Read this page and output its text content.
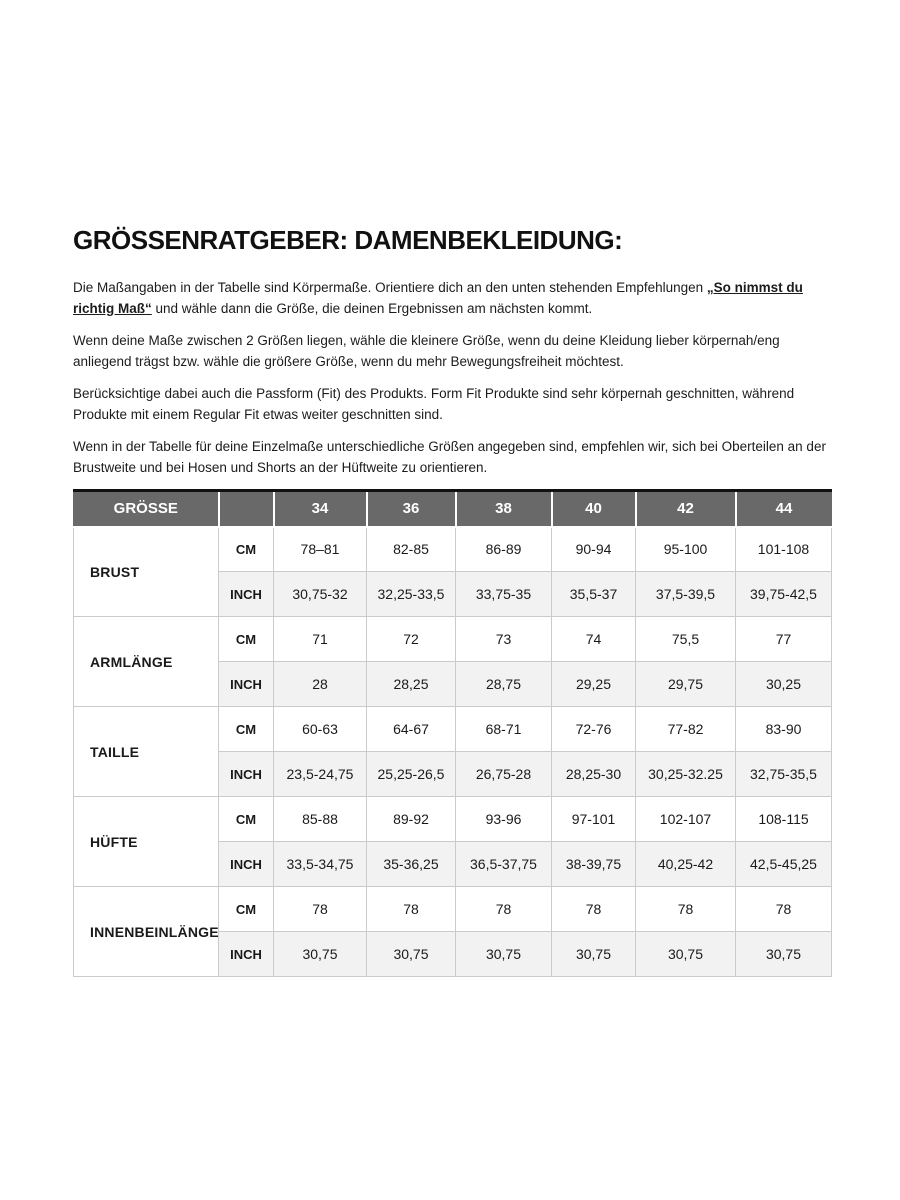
GRÖSSENRATGEBER: DAMENBEKLEIDUNG:

Die Maßangaben in der Tabelle sind Körpermaße. Orientiere dich an den unten stehenden Empfehlungen „So nimmst du richtig Maß“ und wähle dann die Größe, die deinen Ergebnissen am nächsten kommt.

Wenn deine Maße zwischen 2 Größen liegen, wähle die kleinere Größe, wenn du deine Kleidung lieber körpernah/eng anliegend trägst bzw. wähle die größere Größe, wenn du mehr Bewegungsfreiheit möchtest.

Berücksichtige dabei auch die Passform (Fit) des Produkts. Form Fit Produkte sind sehr körpernah geschnitten, während Produkte mit einem Regular Fit etwas weiter geschnitten sind.

Wenn in der Tabelle für deine Einzelmaße unterschiedliche Größen angegeben sind, empfehlen wir, sich bei Oberteilen an der Brustweite und bei Hosen und Shorts an der Hüftweite zu orientieren.

GRÖSSE		34	36	38	40	42	44
BRUST	CM	78–81	82-85	86-89	90-94	95-100	101-108
	INCH	30,75-32	32,25-33,5	33,75-35	35,5-37	37,5-39,5	39,75-42,5
ARMLÄNGE	CM	71	72	73	74	75,5	77
	INCH	28	28,25	28,75	29,25	29,75	30,25
TAILLE	CM	60-63	64-67	68-71	72-76	77-82	83-90
	INCH	23,5-24,75	25,25-26,5	26,75-28	28,25-30	30,25-32.25	32,75-35,5
HÜFTE	CM	85-88	89-92	93-96	97-101	102-107	108-115
	INCH	33,5-34,75	35-36,25	36,5-37,75	38-39,75	40,25-42	42,5-45,25
INNENBEINLÄNGE	CM	78	78	78	78	78	78
	INCH	30,75	30,75	30,75	30,75	30,75	30,75
